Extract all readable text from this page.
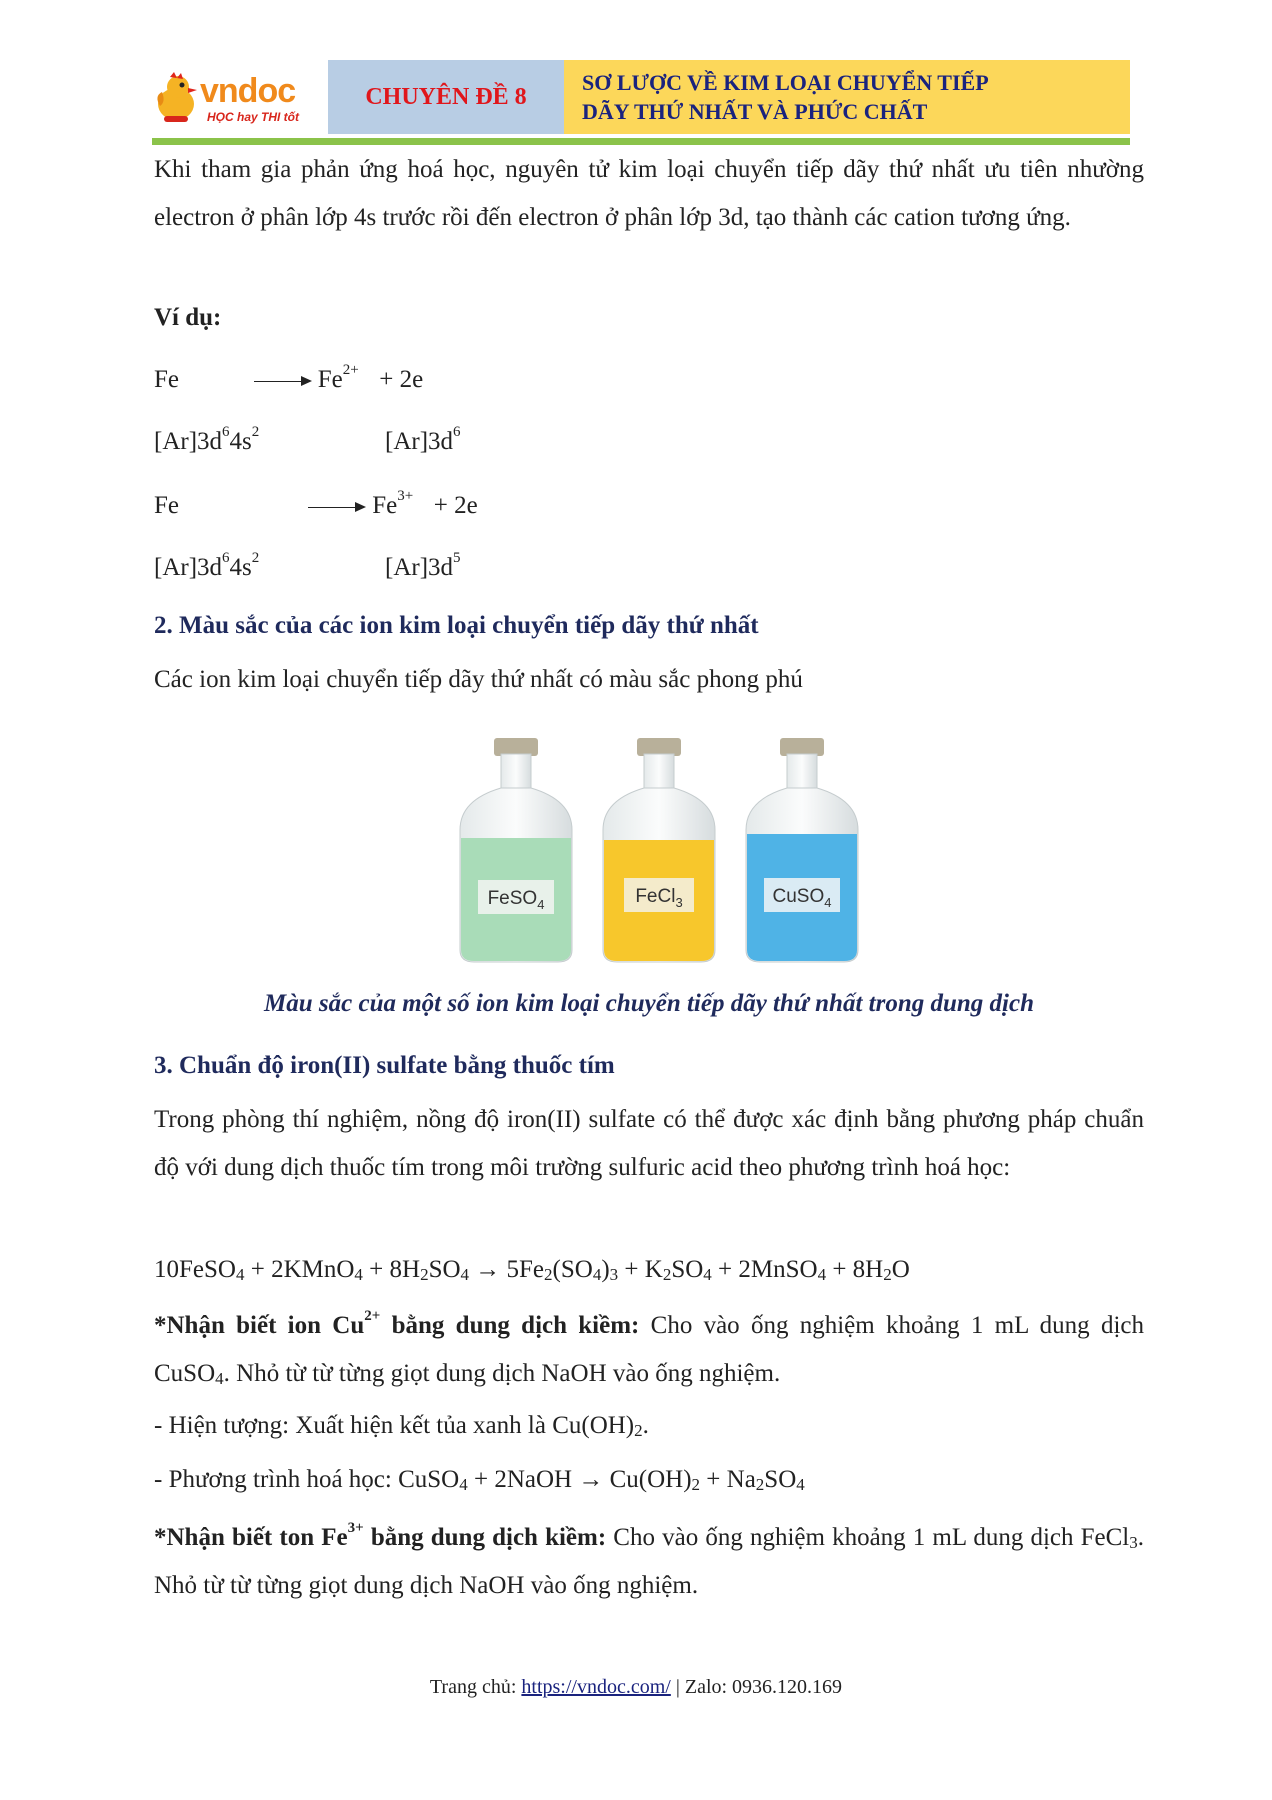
vndoc
HỌC hay THI tốt
CHUYÊN ĐỀ 8
SƠ LƯỢC VỀ KIM LOẠI CHUYỂN TIẾP
DÃY THỨ NHẤT VÀ PHỨC CHẤT

Khi tham gia phản ứng hoá học, nguyên tử kim loại chuyển tiếp dãy thứ nhất ưu tiên nhường electron ở phân lớp 4s trước rồi đến electron ở phân lớp 3d, tạo thành các cation tương ứng.

Ví dụ:
Fe	$Fe^{2+} + 2e$
$[Ar]3d^64s^2$	$[Ar]3d^6$
Fe	$Fe^{3+} + 2e$
$[Ar]3d^64s^2$	$[Ar]3d^5$
2. Màu sắc của các ion kim loại chuyển tiếp dãy thứ nhất
Các ion kim loại chuyển tiếp dãy thứ nhất có màu sắc phong phú
FeSO$_4$	FeCl$_3$	CuSO$_4$
Màu sắc của một số ion kim loại chuyển tiếp dãy thứ nhất trong dung dịch
3. Chuẩn độ iron(II) sulfate bằng thuốc tím

Trong phòng thí nghiệm, nồng độ iron(II) sulfate có thể được xác định bằng phương pháp chuẩn độ với dung dịch thuốc tím trong môi trường sulfuric acid theo phương trình hoá học:

10FeSO$_4$ + 2KMnO$_4$ + $8H_2SO_4 \to 5Fe_2(SO_4)_3 + K_2SO_4$ + 2MnSO$_4$ + $8H_2O$

*Nhận biết ion $Cu^{2+}$ bằng dung dịch kiềm: Cho vào ống nghiệm khoảng 1 mL dung dịch CuSO$_4$. Nhỏ từ từ từng giọt dung dịch NaOH vào ống nghiệm.

- Hiện tượng: Xuất hiện kết tủa xanh là $Cu(OH)_2$.
- Phương trình hoá học: CuSO$_4$ + 2NaOH → $Cu(OH)_2 + Na_2SO_4$

*Nhận biết ton $Fe^{3+}$ bằng dung dịch kiềm: Cho vào ống nghiệm khoảng 1 mL dung dịch FeCl$_3$. Nhỏ từ từ từng giọt dung dịch NaOH vào ống nghiệm.

Trang chủ: https://vndoc.com/ | Zalo: 0936.120.169
